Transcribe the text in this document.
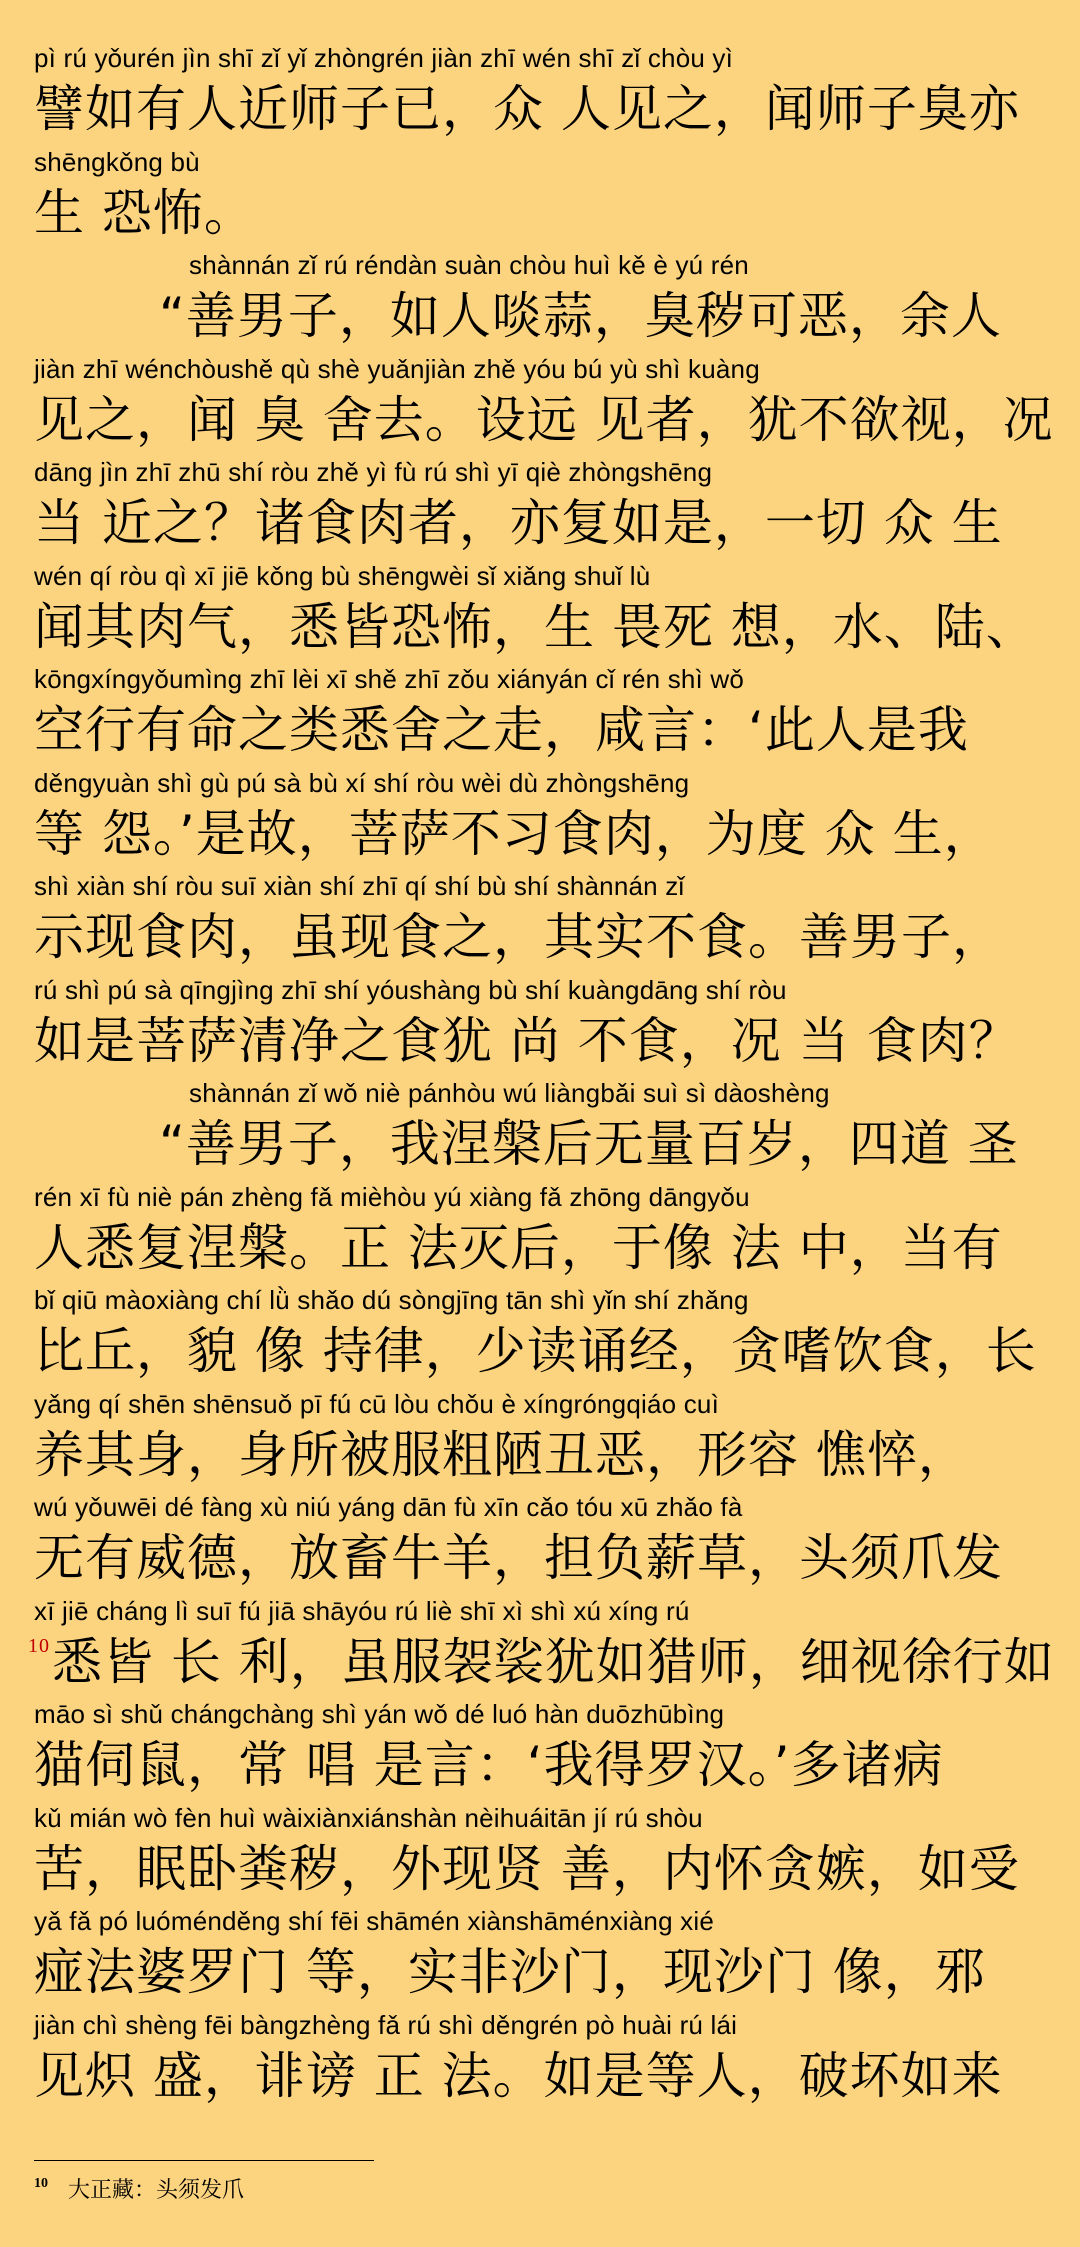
pì rú yǒurén jìn shī zǐ yǐ zhòngrén jiàn zhī wén shī zǐ chòu yì
譬如有人近师子已，众 人见之，闻师子臭亦
shēngkǒng bù
生 恐怖。
shànnán zǐ rú réndàn suàn chòu huì kě è yú rén
“善男子，如人啖蒜，臭秽可恶，余人
jiàn zhī wénchòushě qù shè yuǎnjiàn zhě yóu bú yù shì kuàng
见之，闻 臭 舍去。设远 见者，犹不欲视，况
dāng jìn zhī zhū shí ròu zhě yì fù rú shì yī qiè zhòngshēng
当 近之？诸食肉者，亦复如是，一切 众 生
wén qí ròu qì xī jiē kǒng bù shēngwèi sǐ xiǎng shuǐ lù
闻其肉气，悉皆恐怖，生 畏死 想，水、陆、
kōngxíngyǒumìng zhī lèi xī shě zhī zǒu xiányán cǐ rén shì wǒ
空行有命之类悉舍之走，咸言：‘此人是我
děngyuàn shì gù pú sà bù xí shí ròu wèi dù zhòngshēng
等 怨。’是故，菩萨不习食肉，为度 众 生，
shì xiàn shí ròu suī xiàn shí zhī qí shí bù shí shànnán zǐ
示现食肉，虽现食之，其实不食。善男子，
rú shì pú sà qīngjìng zhī shí yóushàng bù shí kuàngdāng shí ròu
如是菩萨清净之食犹 尚 不食，况 当 食肉？
shànnán zǐ wǒ niè pánhòu wú liàngbǎi suì sì dàoshèng
“善男子，我涅槃后无量百岁，四道 圣
rén xī fù niè pán zhèng fǎ mièhòu yú xiàng fǎ zhōng dāngyǒu
人悉复涅槃。正 法灭后，于像 法 中，当有
bǐ qiū màoxiàng chí lǜ shǎo dú sòngjīng tān shì yǐn shí zhǎng
比丘，貌 像 持律，少读诵经，贪嗜饮食，长
yǎng qí shēn shēnsuǒ pī fú cū lòu chǒu è xíngróngqiáo cuì
养其身，身所被服粗陋丑恶，形容 憔悴，
wú yǒuwēi dé fàng xù niú yáng dān fù xīn cǎo tóu xū zhǎo fà
无有威德，放畜牛羊，担负薪草，头须爪发
xī jiē cháng lì suī fú jiā shāyóu rú liè shī xì shì xú xíng rú
$^{10}$悉皆 长 利，虽服袈裟犹如猎师，细视徐行如
māo sì shǔ chángchàng shì yán wǒ dé luó hàn duōzhūbìng
猫伺鼠，常 唱 是言：‘我得罗汉。’多诸病
kǔ mián wò fèn huì wàixiànxiánshàn nèihuáitān jí rú shòu
苦，眠卧粪秽，外现贤 善，内怀贪嫉，如受
yǎ fǎ pó luóménděng shí fēi shāmén xiànshāménxiàng xié
痖法婆罗门 等，实非沙门，现沙门 像，邪
jiàn chì shèng fēi bàngzhèng fǎ rú shì děngrén pò huài rú lái
见炽 盛，诽谤 正 法。如是等人，破坏如来
$^{10}$ 大正藏：头须发爪
